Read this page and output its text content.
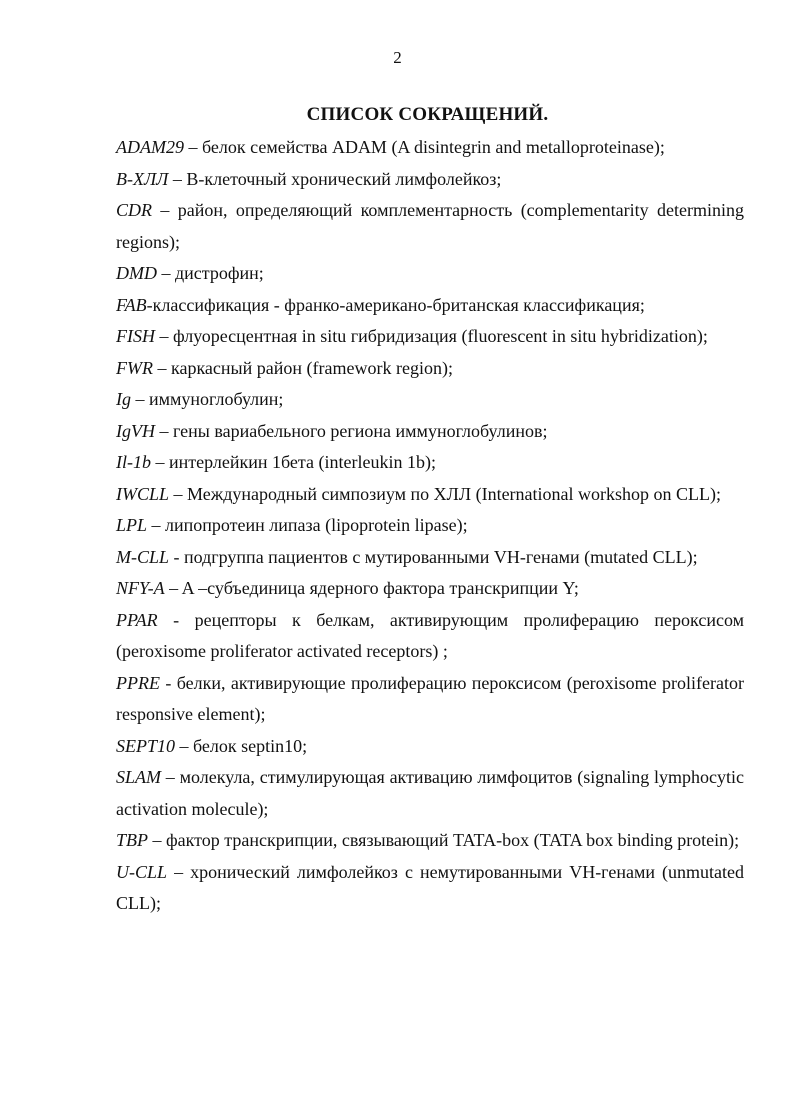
2
СПИСОК СОКРАЩЕНИЙ.

ADAM29 – белок семейства ADAM (A disintegrin and metalloproteinase);

B-ХЛЛ – B-клеточный хронический лимфолейкоз;

CDR – район, определяющий комплементарность (complementarity determining regions);

DMD – дистрофин;

FAB-классификация - франко-американо-британская классификация;

FISH – флуоресцентная in situ гибридизация (fluorescent in situ hybridization);

FWR – каркасный район (framework region);

Ig – иммуноглобулин;

IgVH – гены вариабельного региона иммуноглобулинов;

Il-1b – интерлейкин 1бета (interleukin 1b);

IWCLL – Международный симпозиум по ХЛЛ (International workshop on CLL);

LPL – липопротеин липаза (lipoprotein lipase);

M-CLL - подгруппа пациентов с мутированными VH-генами (mutated CLL);

NFY-A – A –субъединица ядерного фактора транскрипции Y;

PPAR - рецепторы к белкам, активирующим пролиферацию пероксисом (peroxisome proliferator activated receptors) ;

PPRE - белки, активирующие пролиферацию пероксисом (peroxisome proliferator responsive element);

SEPT10 – белок septin10;

SLAM – молекула, стимулирующая активацию лимфоцитов (signaling lymphocytic activation molecule);

TBP – фактор транскрипции, связывающий TATA-box (TATA box binding protein);

U-CLL – хронический лимфолейкоз с немутированными VH-генами (unmutated CLL);
